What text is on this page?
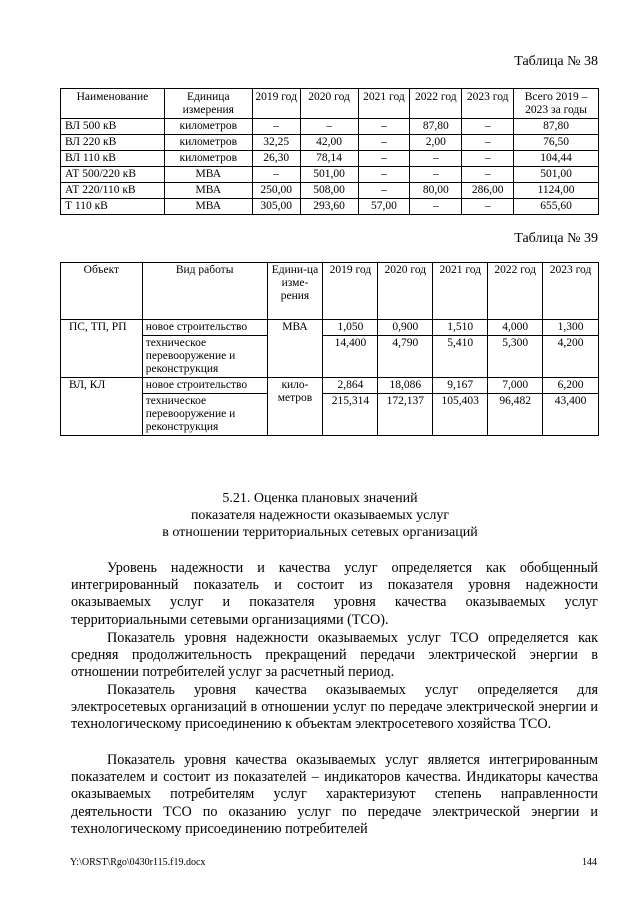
Таблица № 38
Наименование	Единица измерения	2019 год	2020 год	2021 год	2022 год	2023 год	Всего 2019 – 2023 за годы
ВЛ 500 кВ	километров	–	–	–	87,80	–	87,80
ВЛ 220 кВ	километров	32,25	42,00	–	2,00	–	76,50
ВЛ 110 кВ	километров	26,30	78,14	–	–	–	104,44
АТ 500/220 кВ	МВА	–	501,00	–	–	–	501,00
АТ 220/110 кВ	МВА	250,00	508,00	–	80,00	286,00	1124,00
Т 110 кВ	МВА	305,00	293,60	57,00	–	–	655,60
Таблица № 39
Объект	Вид работы	Едини-ца изме-рения	2019 год	2020 год	2021 год	2022 год	2023 год
ПС, ТП, РП	новое строительство	МВА	1,050	0,900	1,510	4,000	1,300
	техническое перевооружение и реконструкция		14,400	4,790	5,410	5,300	4,200
ВЛ, КЛ	новое строительство	кило-метров	2,864	18,086	9,167	7,000	6,200
	техническое перевооружение и реконструкция		215,314	172,137	105,403	96,482	43,400
5.21. Оценка плановых значений
показателя надежности оказываемых услуг
в отношении территориальных сетевых организаций

Уровень надежности и качества услуг определяется как обобщенный интегрированный показатель и состоит из показателя уровня надежности оказываемых услуг и показателя уровня качества оказываемых услуг территориальными сетевыми организациями (ТСО).

Показатель уровня надежности оказываемых услуг ТСО определяется как средняя продолжительность прекращений передачи электрической энергии в отношении потребителей услуг за расчетный период.

Показатель уровня качества оказываемых услуг определяется для электросетевых организаций в отношении услуг по передаче электрической энергии и технологическому присоединению к объектам электросетевого хозяйства ТСО.

Показатель уровня качества оказываемых услуг является интегрированным показателем и состоит из показателей – индикаторов качества. Индикаторы качества оказываемых потребителям услуг характеризуют степень направленности деятельности ТСО по оказанию услуг по передаче электрической энергии и технологическому присоединению потребителей

Y:\ORST\Rgo\0430r115.f19.docx	144
